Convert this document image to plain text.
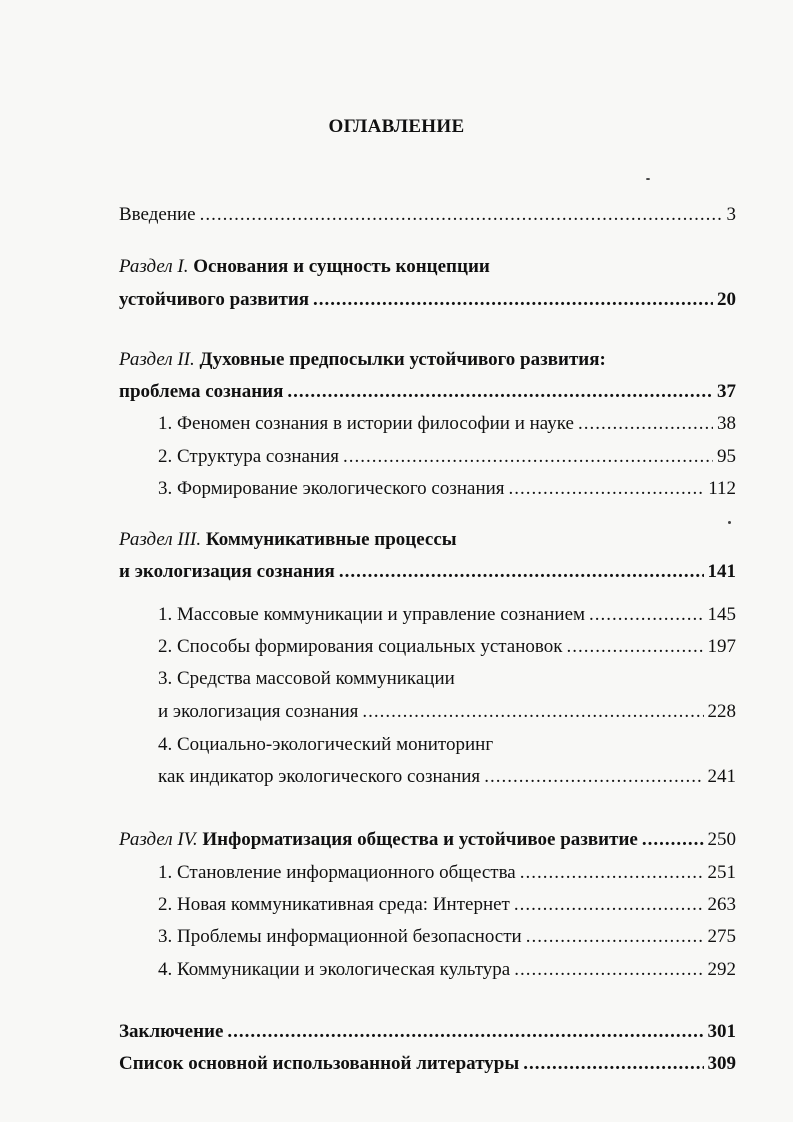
ОГЛАВЛЕНИЕ
Введение .....	3
Раздел I.
Основания и сущность концепции
устойчивого развития .....	20
Раздел II.
Духовные предпосылки устойчивого развития:
проблема сознания .....	37
1. Феномен сознания в истории философии и науке .....	38
2. Структура сознания .....	95
3. Формирование экологического сознания .....	112
Раздел III.
Коммуникативные процессы
и экологизация сознания .....	141
1. Массовые коммуникации и управление сознанием .....	145
2. Способы формирования социальных установок .....	197
3. Средства массовой коммуникации
и экологизация сознания .....	228
4. Социально-экологический мониторинг
как индикатор экологического сознания .....	241
Раздел IV. Информатизация общества и устойчивое развитие .....	250
1. Становление информационного общества .....	251
2. Новая коммуникативная среда: Интернет .....	263
3. Проблемы информационной безопасности .....	275
4. Коммуникации и экологическая культура .....	292
Заключение .....	301
Список основной использованной литературы .....	309
